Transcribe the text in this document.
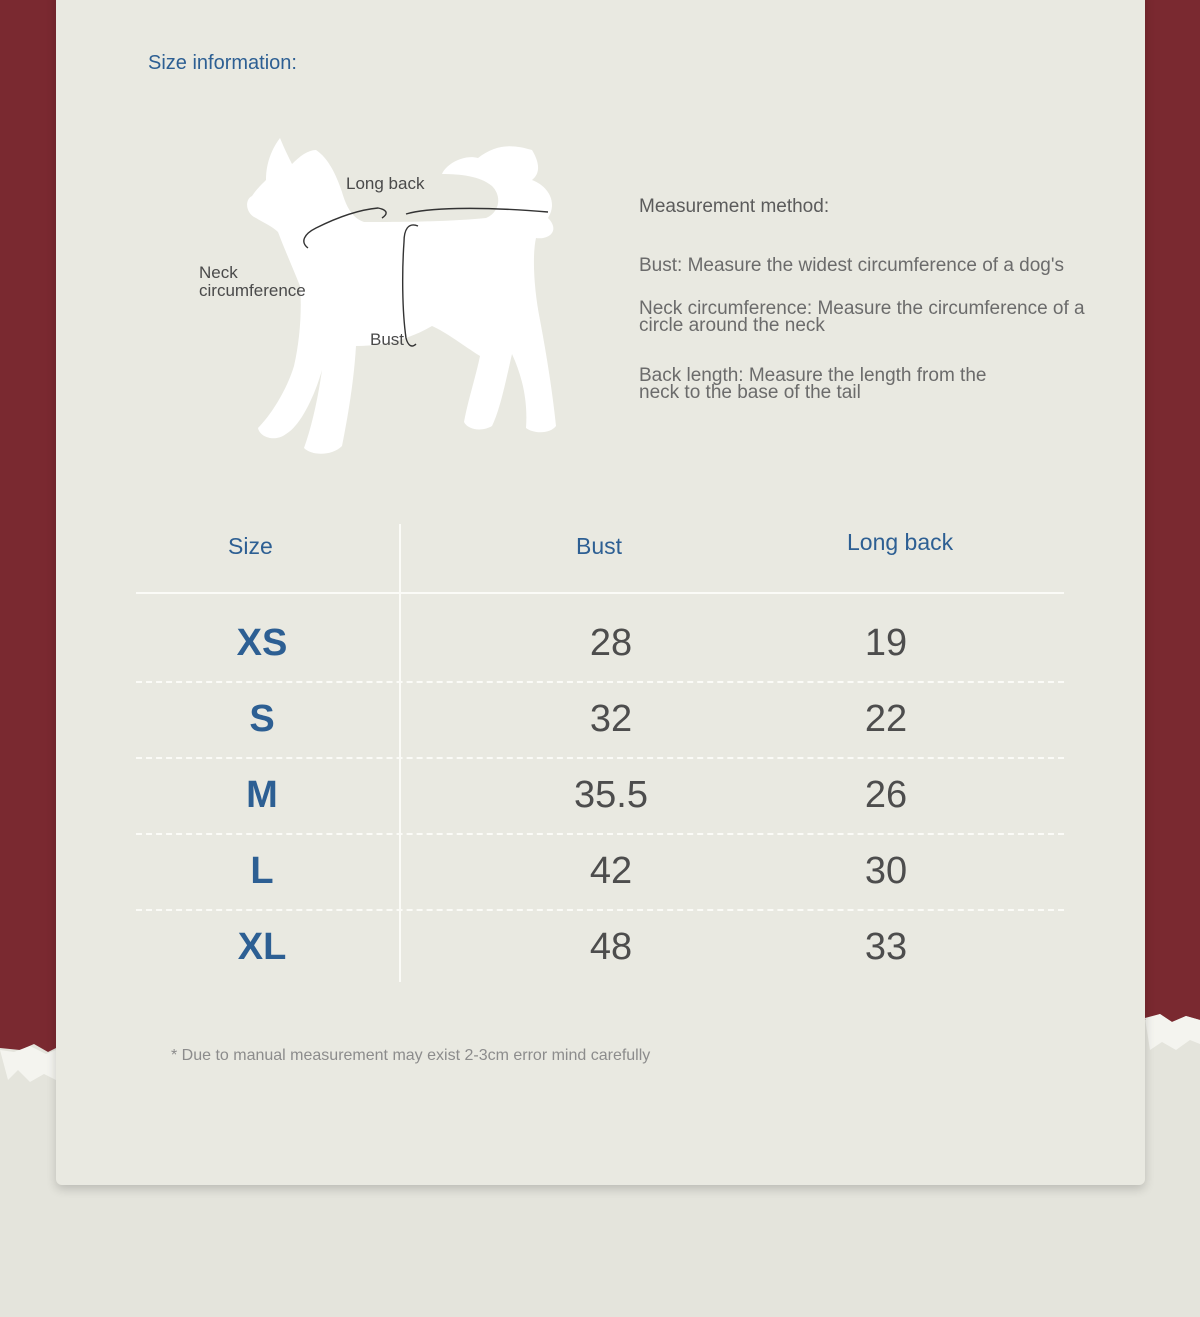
Size information:
Long back
Neck
circumference
Bust
Measurement method:
Bust: Measure the widest circumference of a dog's
Neck circumference: Measure the circumference of a circle around the neck
Back length: Measure the length from the neck to the base of the tail
Size	Bust	Long back
XS	28	19
S	32	22
M	35.5	26
L	42	30
XL	48	33
* Due to manual measurement may exist 2-3cm error mind carefully
